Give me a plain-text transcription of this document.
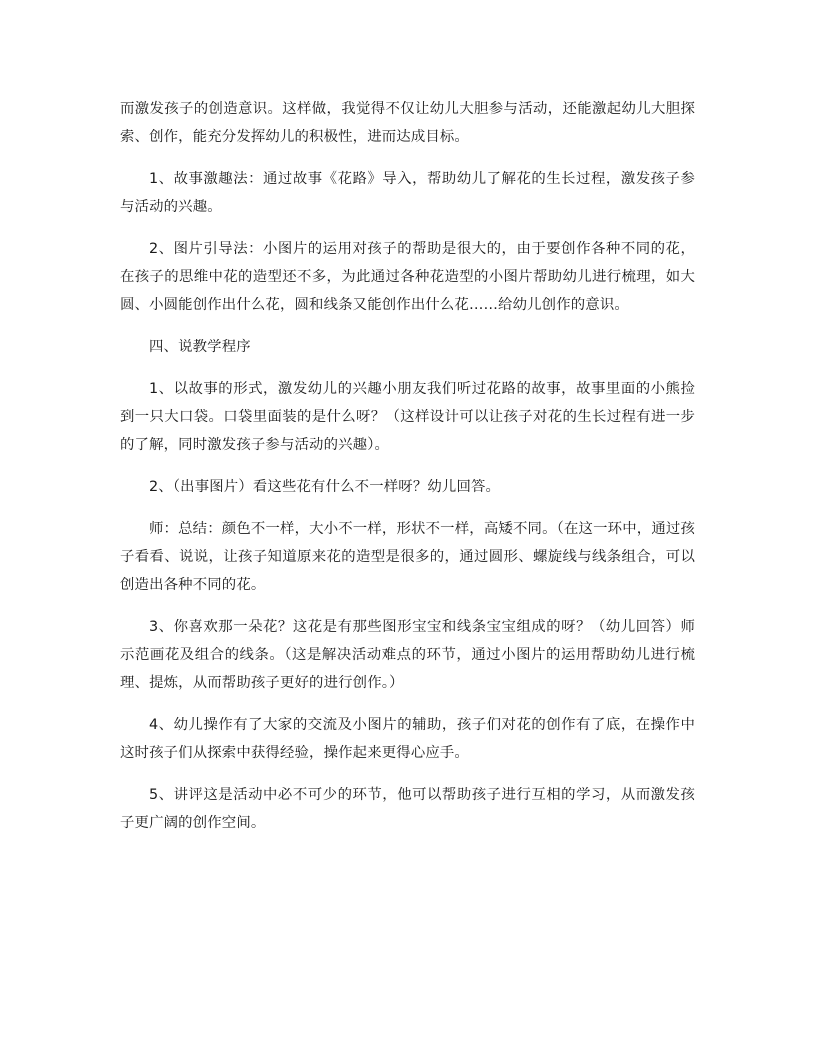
而激发孩子的创造意识。这样做，我觉得不仅让幼儿大胆参与活动，还能激起幼儿大胆探索、创作，能充分发挥幼儿的积极性，进而达成目标。

1、故事激趣法：通过故事《花路》导入，帮助幼儿了解花的生长过程，激发孩子参与活动的兴趣。

2、图片引导法：小图片的运用对孩子的帮助是很大的，由于要创作各种不同的花，在孩子的思维中花的造型还不多，为此通过各种花造型的小图片帮助幼儿进行梳理，如大圆、小圆能创作出什么花，圆和线条又能创作出什么花……给幼儿创作的意识。

四、说教学程序

1、以故事的形式，激发幼儿的兴趣小朋友我们听过花路的故事，故事里面的小熊捡到一只大口袋。口袋里面装的是什么呀？（这样设计可以让孩子对花的生长过程有进一步的了解，同时激发孩子参与活动的兴趣）。

2、（出事图片）看这些花有什么不一样呀？幼儿回答。

师：总结：颜色不一样，大小不一样，形状不一样，高矮不同。（在这一环中，通过孩子看看、说说，让孩子知道原来花的造型是很多的，通过圆形、螺旋线与线条组合，可以创造出各种不同的花。

3、你喜欢那一朵花？这花是有那些图形宝宝和线条宝宝组成的呀？（幼儿回答）师示范画花及组合的线条。（这是解决活动难点的环节，通过小图片的运用帮助幼儿进行梳理、提炼，从而帮助孩子更好的进行创作。）

4、幼儿操作有了大家的交流及小图片的辅助，孩子们对花的创作有了底，在操作中这时孩子们从探索中获得经验，操作起来更得心应手。

5、讲评这是活动中必不可少的环节，他可以帮助孩子进行互相的学习，从而激发孩子更广阔的创作空间。
